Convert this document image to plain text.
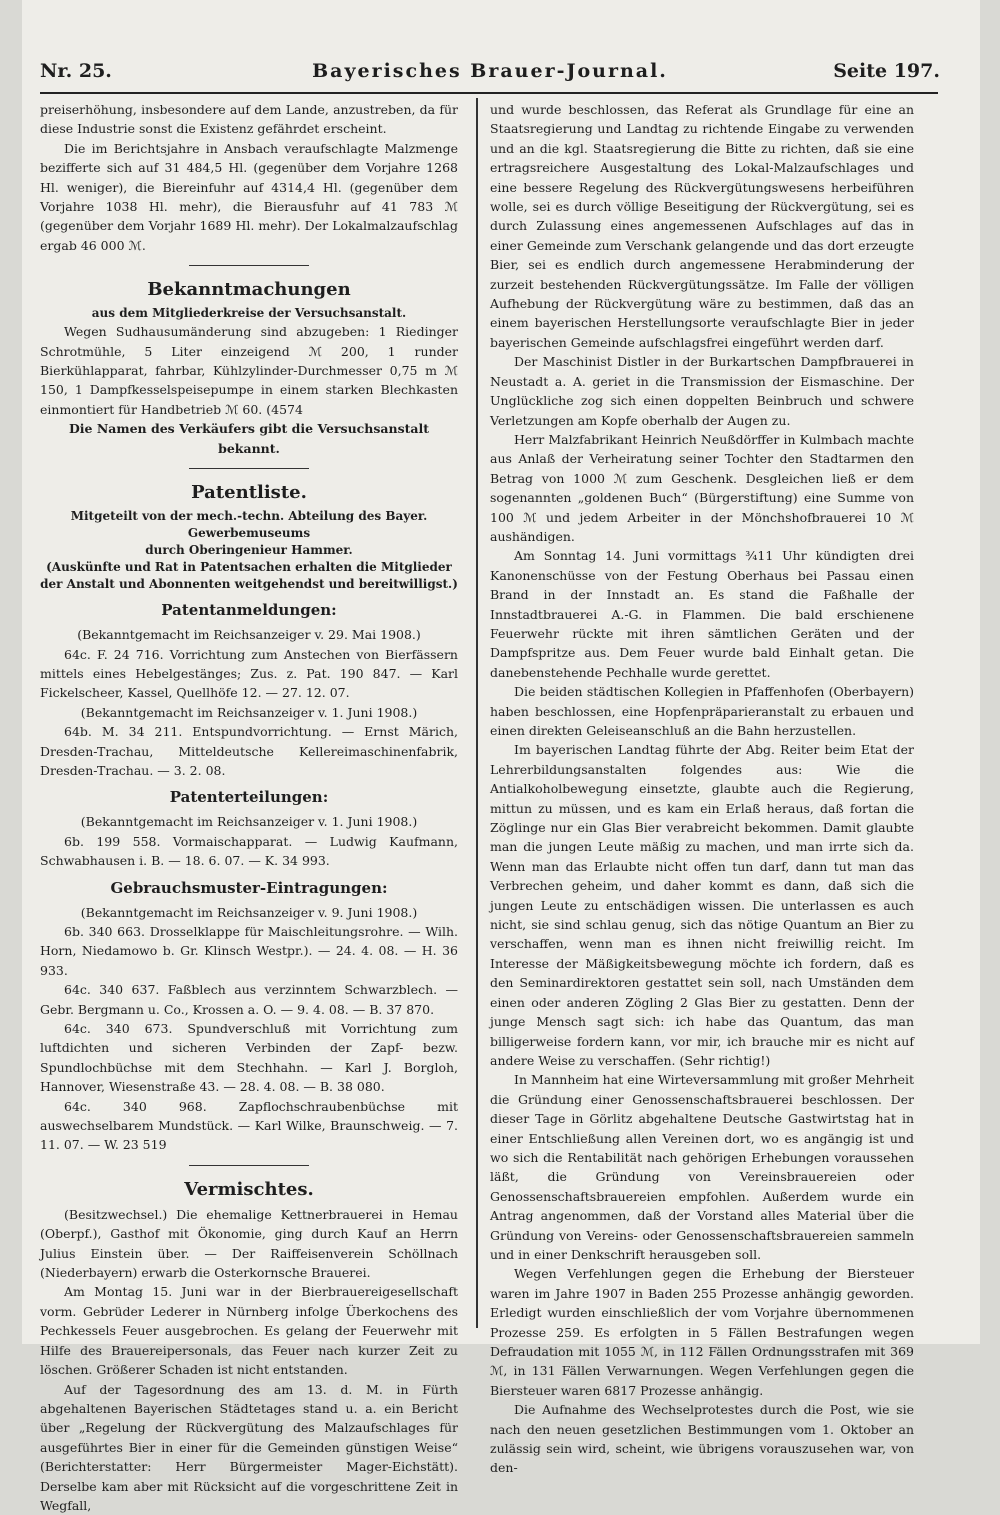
Nr. 25.	Bayerisches Brauer-Journal.	Seite 197.

preiserhöhung, insbesondere auf dem Lande, anzustreben, da für diese Industrie sonst die Existenz gefährdet erscheint.

Die im Berichtsjahre in Ansbach veraufschlagte Malzmenge bezifferte sich auf 31 484,5 Hl. (gegenüber dem Vorjahre 1268 Hl. weniger), die Biereinfuhr auf 4314,4 Hl. (gegenüber dem Vorjahre 1038 Hl. mehr), die Bierausfuhr auf 41 783 ℳ (gegenüber dem Vorjahr 1689 Hl. mehr). Der Lokalmalzaufschlag ergab 46 000 ℳ.

Bekanntmachungen

aus dem Mitgliederkreise der Versuchsanstalt.

Wegen Sudhausumänderung sind abzugeben: 1 Riedinger Schrotmühle, 5 Liter einzeigend ℳ 200, 1 runder Bierkühlapparat, fahrbar, Kühlzylinder-Durchmesser 0,75 m ℳ 150, 1 Dampfkesselspeisepumpe in einem starken Blechkasten einmontiert für Handbetrieb ℳ 60. (4574

Die Namen des Verkäufers gibt die Versuchsanstalt bekannt.

Patentliste.

Mitgeteilt von der mech.-techn. Abteilung des Bayer. Gewerbemuseums

durch Oberingenieur Hammer.

(Auskünfte und Rat in Patentsachen erhalten die Mitglieder der Anstalt und Abonnenten weitgehendst und bereitwilligst.)

Patentanmeldungen:

(Bekanntgemacht im Reichsanzeiger v. 29. Mai 1908.)

64c. F. 24 716. Vorrichtung zum Anstechen von Bierfässern mittels eines Hebelgestänges; Zus. z. Pat. 190 847. — Karl Fickelscheer, Kassel, Quellhöfe 12. — 27. 12. 07.

(Bekanntgemacht im Reichsanzeiger v. 1. Juni 1908.)

64b. M. 34 211. Entspundvorrichtung. — Ernst Märich, Dresden-Trachau, Mitteldeutsche Kellereimaschinenfabrik, Dresden-Trachau. — 3. 2. 08.

Patenterteilungen:

(Bekanntgemacht im Reichsanzeiger v. 1. Juni 1908.)

6b. 199 558. Vormaischapparat. — Ludwig Kaufmann, Schwabhausen i. B. — 18. 6. 07. — K. 34 993.

Gebrauchsmuster-Eintragungen:

(Bekanntgemacht im Reichsanzeiger v. 9. Juni 1908.)

6b. 340 663. Drosselklappe für Maischleitungsrohre. — Wilh. Horn, Niedamowo b. Gr. Klinsch Westpr.). — 24. 4. 08. — H. 36 933.

64c. 340 637. Faßblech aus verzinntem Schwarzblech. — Gebr. Bergmann u. Co., Krossen a. O. — 9. 4. 08. — B. 37 870.

64c. 340 673. Spundverschluß mit Vorrichtung zum luftdichten und sicheren Verbinden der Zapf- bezw. Spundlochbüchse mit dem Stechhahn. — Karl J. Borgloh, Hannover, Wiesenstraße 43. — 28. 4. 08. — B. 38 080.

64c. 340 968. Zapflochschraubenbüchse mit auswechselbarem Mundstück. — Karl Wilke, Braunschweig. — 7. 11. 07. — W. 23 519

Vermischtes.

(Besitzwechsel.) Die ehemalige Kettnerbrauerei in Hemau (Oberpf.), Gasthof mit Ökonomie, ging durch Kauf an Herrn Julius Einstein über. — Der Raiffeisenverein Schöllnach (Niederbayern) erwarb die Osterkornsche Brauerei.

Am Montag 15. Juni war in der Bierbrauereigesellschaft vorm. Gebrüder Lederer in Nürnberg infolge Überkochens des Pechkessels Feuer ausgebrochen. Es gelang der Feuerwehr mit Hilfe des Brauereipersonals, das Feuer nach kurzer Zeit zu löschen. Größerer Schaden ist nicht entstanden.

Auf der Tagesordnung des am 13. d. M. in Fürth abgehaltenen Bayerischen Städtetages stand u. a. ein Bericht über „Regelung der Rückvergütung des Malzaufschlages für ausgeführtes Bier in einer für die Gemeinden günstigen Weise“ (Berichterstatter: Herr Bürgermeister Mager-Eichstätt). Derselbe kam aber mit Rücksicht auf die vorgeschrittene Zeit in Wegfall,

und wurde beschlossen, das Referat als Grundlage für eine an Staatsregierung und Landtag zu richtende Eingabe zu verwenden und an die kgl. Staatsregierung die Bitte zu richten, daß sie eine ertragsreichere Ausgestaltung des Lokal-Malzaufschlages und eine bessere Regelung des Rückvergütungswesens herbeiführen wolle, sei es durch völlige Beseitigung der Rückvergütung, sei es durch Zulassung eines angemessenen Aufschlages auf das in einer Gemeinde zum Verschank gelangende und das dort erzeugte Bier, sei es endlich durch angemessene Herabminderung der zurzeit bestehenden Rückvergütungssätze. Im Falle der völligen Aufhebung der Rückvergütung wäre zu bestimmen, daß das an einem bayerischen Herstellungsorte veraufschlagte Bier in jeder bayerischen Gemeinde aufschlagsfrei eingeführt werden darf.

Der Maschinist Distler in der Burkartschen Dampfbrauerei in Neustadt a. A. geriet in die Transmission der Eismaschine. Der Unglückliche zog sich einen doppelten Beinbruch und schwere Verletzungen am Kopfe oberhalb der Augen zu.

Herr Malzfabrikant Heinrich Neußdörffer in Kulmbach machte aus Anlaß der Verheiratung seiner Tochter den Stadtarmen den Betrag von 1000 ℳ zum Geschenk. Desgleichen ließ er dem sogenannten „goldenen Buch“ (Bürgerstiftung) eine Summe von 100 ℳ und jedem Arbeiter in der Mönchshofbrauerei 10 ℳ aushändigen.

Am Sonntag 14. Juni vormittags ¾11 Uhr kündigten drei Kanonenschüsse von der Festung Oberhaus bei Passau einen Brand in der Innstadt an. Es stand die Faßhalle der Innstadtbrauerei A.-G. in Flammen. Die bald erschienene Feuerwehr rückte mit ihren sämtlichen Geräten und der Dampfspritze aus. Dem Feuer wurde bald Einhalt getan. Die danebenstehende Pechhalle wurde gerettet.

Die beiden städtischen Kollegien in Pfaffenhofen (Oberbayern) haben beschlossen, eine Hopfenpräparieranstalt zu erbauen und einen direkten Geleiseanschluß an die Bahn herzustellen.

Im bayerischen Landtag führte der Abg. Reiter beim Etat der Lehrerbildungsanstalten folgendes aus: Wie die Antialkoholbewegung einsetzte, glaubte auch die Regierung, mittun zu müssen, und es kam ein Erlaß heraus, daß fortan die Zöglinge nur ein Glas Bier verabreicht bekommen. Damit glaubte man die jungen Leute mäßig zu machen, und man irrte sich da. Wenn man das Erlaubte nicht offen tun darf, dann tut man das Verbrechen geheim, und daher kommt es dann, daß sich die jungen Leute zu entschädigen wissen. Die unterlassen es auch nicht, sie sind schlau genug, sich das nötige Quantum an Bier zu verschaffen, wenn man es ihnen nicht freiwillig reicht. Im Interesse der Mäßigkeitsbewegung möchte ich fordern, daß es den Seminardirektoren gestattet sein soll, nach Umständen dem einen oder anderen Zögling 2 Glas Bier zu gestatten. Denn der junge Mensch sagt sich: ich habe das Quantum, das man billigerweise fordern kann, vor mir, ich brauche mir es nicht auf andere Weise zu verschaffen. (Sehr richtig!)

In Mannheim hat eine Wirteversammlung mit großer Mehrheit die Gründung einer Genossenschaftsbrauerei beschlossen. Der dieser Tage in Görlitz abgehaltene Deutsche Gastwirtstag hat in einer Entschließung allen Vereinen dort, wo es angängig ist und wo sich die Rentabilität nach gehörigen Erhebungen voraussehen läßt, die Gründung von Vereinsbrauereien oder Genossenschaftsbrauereien empfohlen. Außerdem wurde ein Antrag angenommen, daß der Vorstand alles Material über die Gründung von Vereins- oder Genossenschaftsbrauereien sammeln und in einer Denkschrift herausgeben soll.

Wegen Verfehlungen gegen die Erhebung der Biersteuer waren im Jahre 1907 in Baden 255 Prozesse anhängig geworden. Erledigt wurden einschließlich der vom Vorjahre übernommenen Prozesse 259. Es erfolgten in 5 Fällen Bestrafungen wegen Defraudation mit 1055 ℳ, in 112 Fällen Ordnungsstrafen mit 369 ℳ, in 131 Fällen Verwarnungen. Wegen Verfehlungen gegen die Biersteuer waren 6817 Prozesse anhängig.

Die Aufnahme des Wechselprotestes durch die Post, wie sie nach den neuen gesetzlichen Bestimmungen vom 1. Oktober an zulässig sein wird, scheint, wie übrigens vorauszusehen war, von den-
